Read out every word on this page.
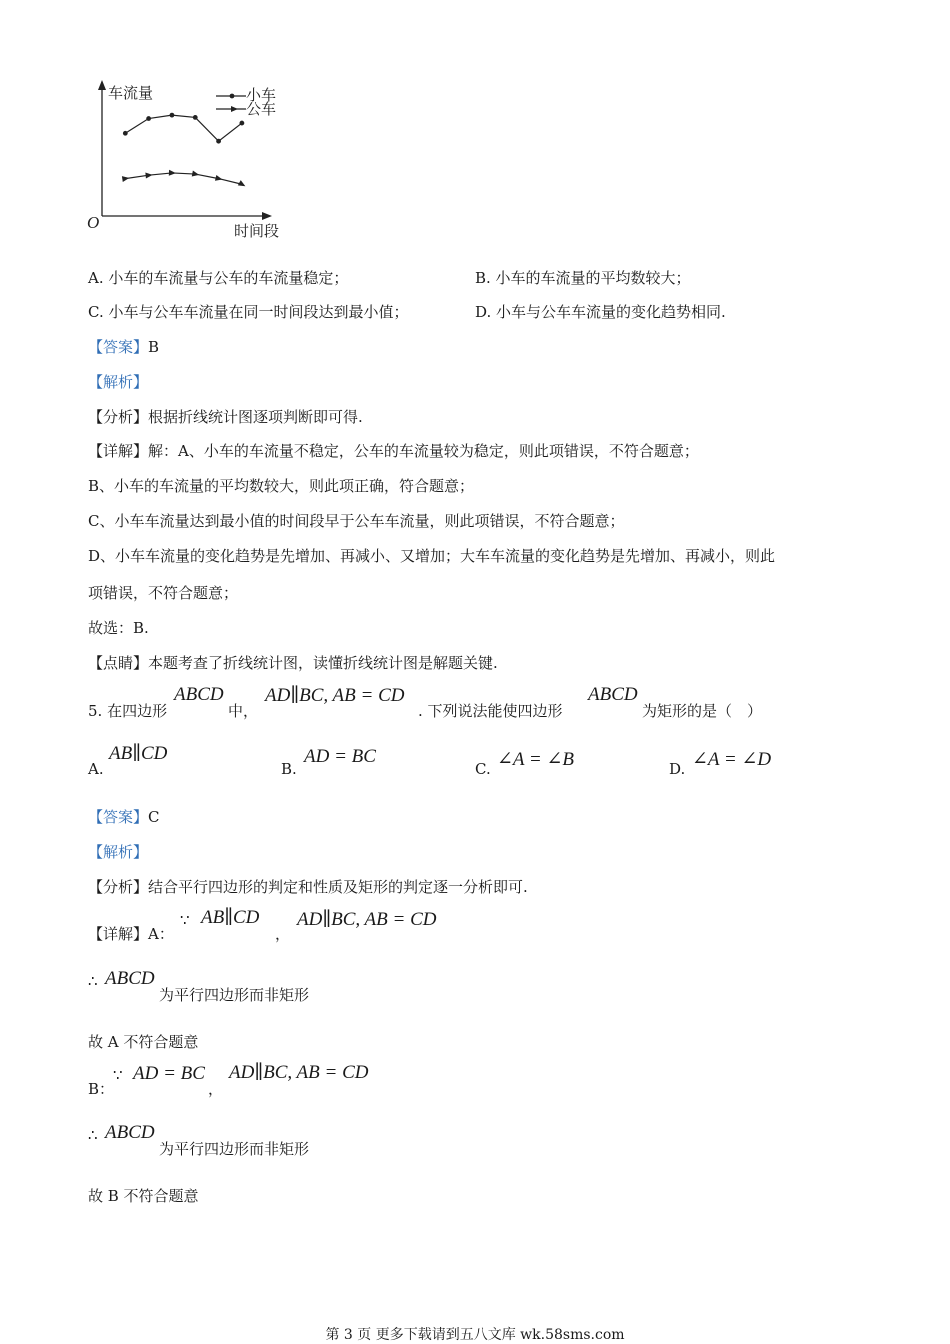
车流量
时间段
O
小车
公车
A. 小车的车流量与公车的车流量稳定；	B. 小车的车流量的平均数较大；
C. 小车与公车车流量在同一时间段达到最小值；	D. 小车与公车车流量的变化趋势相同.
【答案】B
【解析】
【分析】根据折线统计图逐项判断即可得.
【详解】解：A、小车的车流量不稳定，公车的车流量较为稳定，则此项错误，不符合题意；
B、小车的车流量的平均数较大，则此项正确，符合题意；
C、小车车流量达到最小值的时间段早于公车车流量，则此项错误，不符合题意；
D、小车车流量的变化趋势是先增加、再减小、又增加；大车车流量的变化趋势是先增加、再减小，则此
项错误，不符合题意；
故选：B.
【点睛】本题考查了折线统计图，读懂折线统计图是解题关键.
5. 在四边形
ABCD
中，
AD∥BC, AB = CD
. 下列说法能使四边形
ABCD
为矩形的是（　）
A.
AB∥CD
B.
AD = BC
C. ∠A = ∠B	D. ∠A = ∠D
【答案】C
【解析】
【分析】结合平行四边形的判定和性质及矩形的判定逐一分析即可.
【详解】A：
∵ AB∥CD
，
AD∥BC, AB = CD
∴ ABCD
为平行四边形而非矩形
故 A 不符合题意
B：
∵ AD = BC
，
AD∥BC, AB = CD
∴ ABCD
为平行四边形而非矩形
故 B 不符合题意
第 3 页 更多下载请到五八文库 wk.58sms.com
